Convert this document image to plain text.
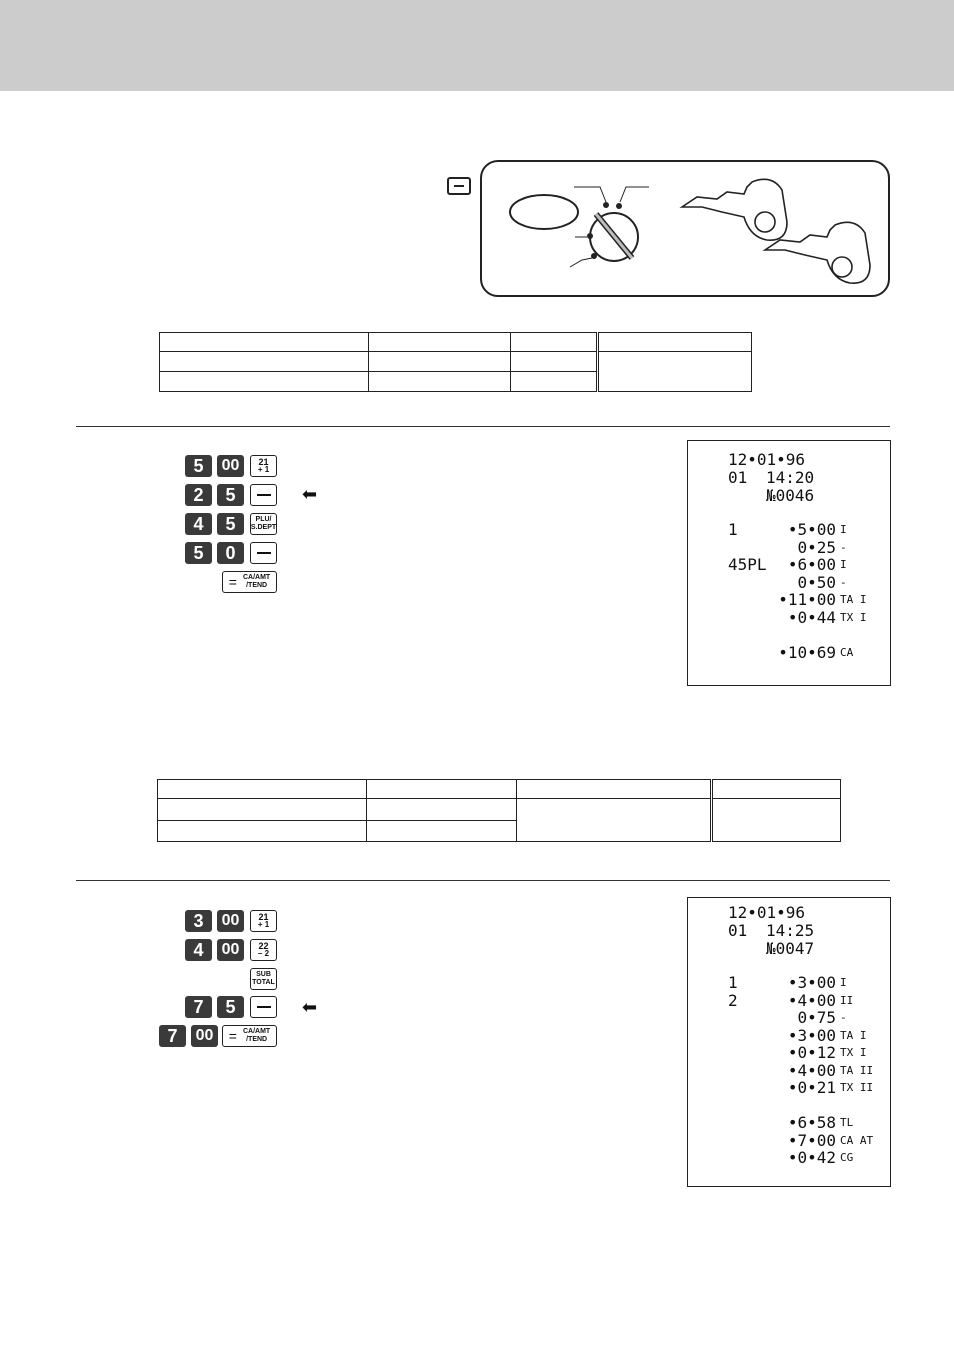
5 00 21
+ 1
2 5	⬅
4 5	PLU/
S.DEPT
5 0
= CA/AMT
/TEND
12•01•96
01 14:20
№0046
1	•5•00 I
0•25 -
45PL •6•00 I
0•50 -
•11•00 TA I
•0•44 TX I
•10•69 CA

3 00 21
+ 1
4 00 22
– 2
SUB
TOTAL
7 5	⬅
7 00 = CA/AMT
/TEND
12•01•96
01 14:25
№0047
1	•3•00 I
2	•4•00 II
0•75 -
•3•00 TA I
•0•12 TX I
•4•00 TA II
•0•21 TX II
•6•58 TL
•7•00 CA AT
•0•42 CG
